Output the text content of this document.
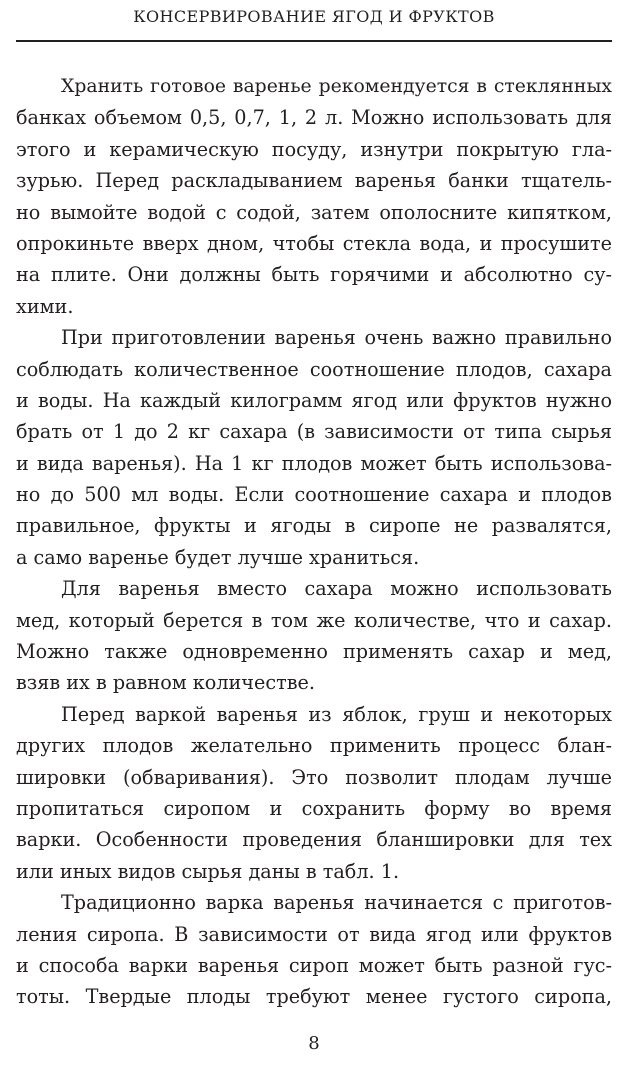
КОНСЕРВИРОВАНИЕ ЯГОД И ФРУКТОВ
Хранить готовое варенье рекомендуется в стеклянных
банках объемом 0,5, 0,7, 1, 2 л. Можно использовать для
этого и керамическую посуду, изнутри покрытую гла-
зурью. Перед раскладыванием варенья банки тщатель-
но вымойте водой с содой, затем ополосните кипятком,
опрокиньте вверх дном, чтобы стекла вода, и просушите
на плите. Они должны быть горячими и абсолютно су-
хими.
При приготовлении варенья очень важно правильно
соблюдать количественное соотношение плодов, сахара
и воды. На каждый килограмм ягод или фруктов нужно
брать от 1 до 2 кг сахара (в зависимости от типа сырья
и вида варенья). На 1 кг плодов может быть использова-
но до 500 мл воды. Если соотношение сахара и плодов
правильное, фрукты и ягоды в сиропе не развалятся,
а само варенье будет лучше храниться.
Для варенья вместо сахара можно использовать
мед, который берется в том же количестве, что и сахар.
Можно также одновременно применять сахар и мед,
взяв их в равном количестве.
Перед варкой варенья из яблок, груш и некоторых
других плодов желательно применить процесс блан-
шировки (обваривания). Это позволит плодам лучше
пропитаться сиропом и сохранить форму во время
варки. Особенности проведения бланшировки для тех
или иных видов сырья даны в табл. 1.
Традиционно варка варенья начинается с приготов-
ления сиропа. В зависимости от вида ягод или фруктов
и способа варки варенья сироп может быть разной гус-
тоты. Твердые плоды требуют менее густого сиропа,
8
